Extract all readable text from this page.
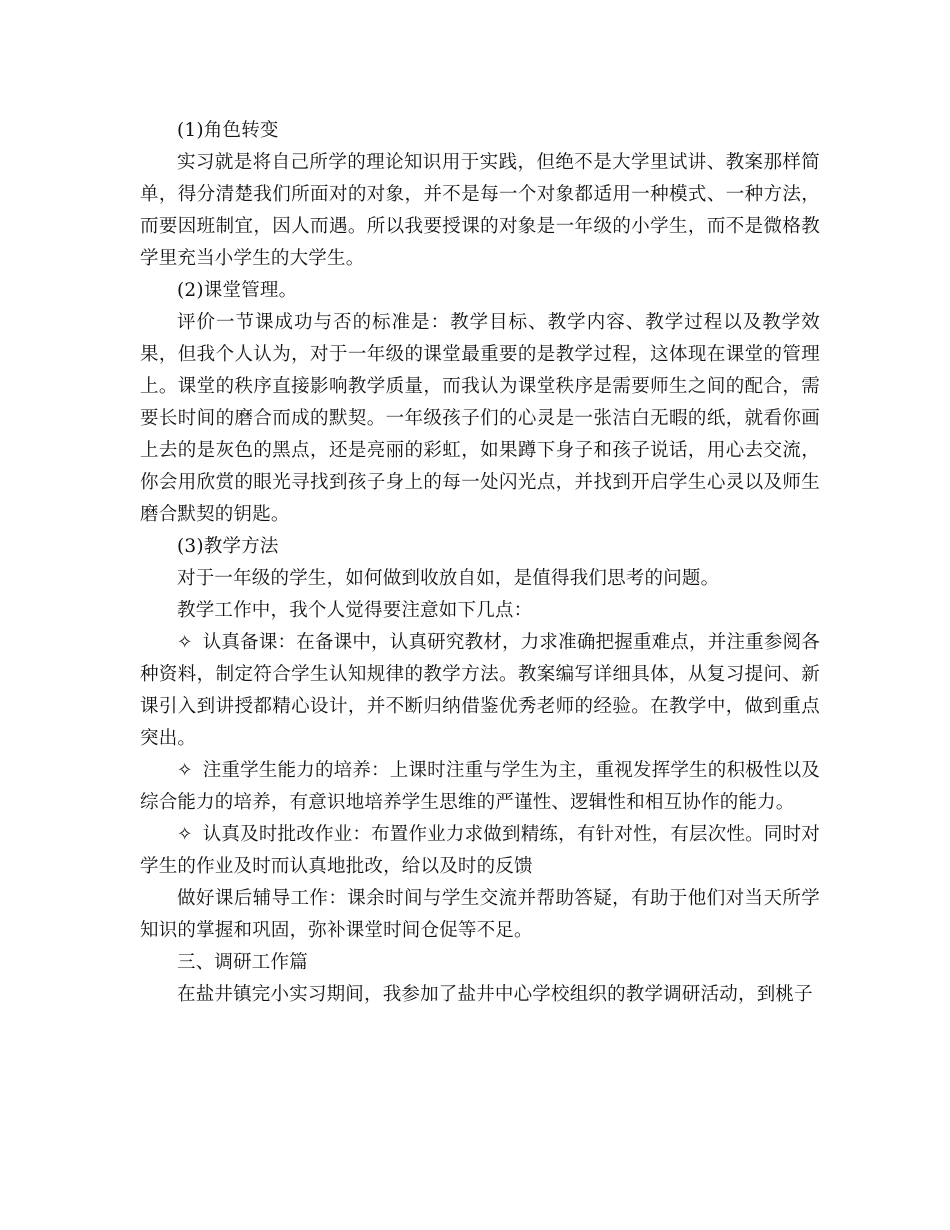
(1)角色转变

实习就是将自己所学的理论知识用于实践，但绝不是大学里试讲、教案那样简单，得分清楚我们所面对的对象，并不是每一个对象都适用一种模式、一种方法，而要因班制宜，因人而遇。所以我要授课的对象是一年级的小学生，而不是微格教学里充当小学生的大学生。

(2)课堂管理。

评价一节课成功与否的标准是：教学目标、教学内容、教学过程以及教学效果，但我个人认为，对于一年级的课堂最重要的是教学过程，这体现在课堂的管理上。课堂的秩序直接影响教学质量，而我认为课堂秩序是需要师生之间的配合，需要长时间的磨合而成的默契。一年级孩子们的心灵是一张洁白无暇的纸，就看你画上去的是灰色的黑点，还是亮丽的彩虹，如果蹲下身子和孩子说话，用心去交流，你会用欣赏的眼光寻找到孩子身上的每一处闪光点，并找到开启学生心灵以及师生磨合默契的钥匙。

(3)教学方法

对于一年级的学生，如何做到收放自如，是值得我们思考的问题。

教学工作中，我个人觉得要注意如下几点：

✧ 认真备课：在备课中，认真研究教材，力求准确把握重难点，并注重参阅各种资料，制定符合学生认知规律的教学方法。教案编写详细具体，从复习提问、新课引入到讲授都精心设计，并不断归纳借鉴优秀老师的经验。在教学中，做到重点突出。

✧ 注重学生能力的培养：上课时注重与学生为主，重视发挥学生的积极性以及综合能力的培养，有意识地培养学生思维的严谨性、逻辑性和相互协作的能力。

✧ 认真及时批改作业：布置作业力求做到精练，有针对性，有层次性。同时对学生的作业及时而认真地批改，给以及时的反馈

做好课后辅导工作：课余时间与学生交流并帮助答疑，有助于他们对当天所学知识的掌握和巩固，弥补课堂时间仓促等不足。

三、调研工作篇

在盐井镇完小实习期间，我参加了盐井中心学校组织的教学调研活动，到桃子
